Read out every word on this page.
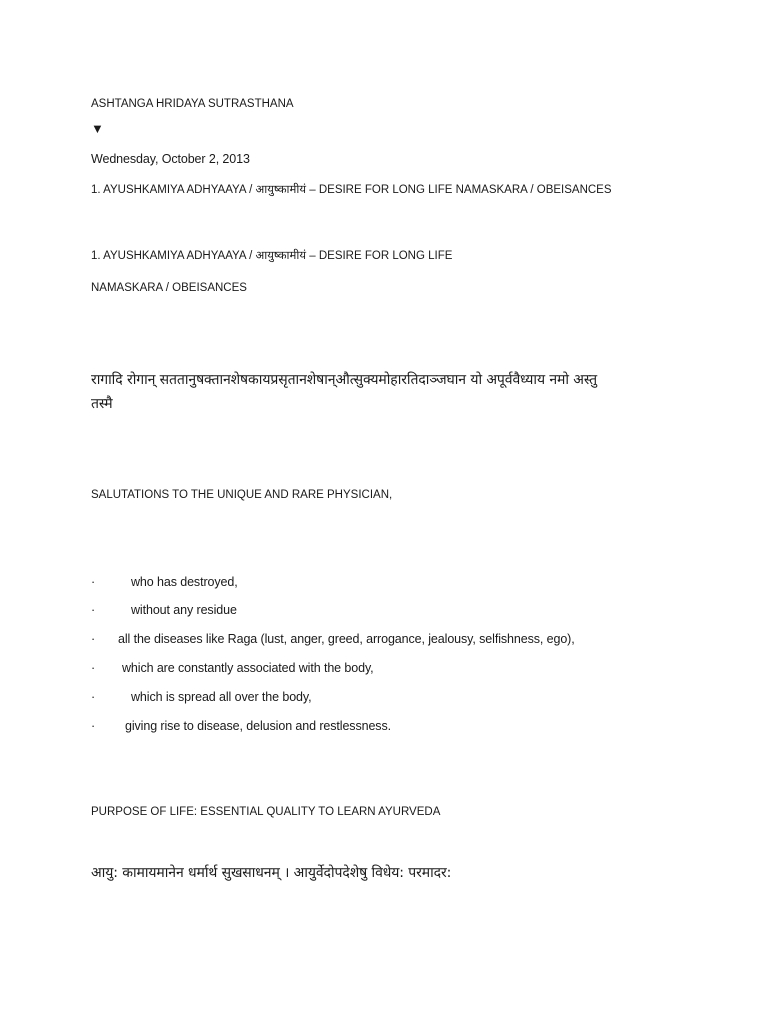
ASHTANGA HRIDAYA SUTRASTHANA
▼
Wednesday, October 2, 2013
1. AYUSHKAMIYA ADHYAAYA / आयुष्कामीयं – DESIRE FOR LONG LIFE NAMASKARA / OBEISANCES
1. AYUSHKAMIYA ADHYAAYA / आयुष्कामीयं – DESIRE FOR LONG LIFE
NAMASKARA / OBEISANCES
रागादि रोगान् सततानुषक्तानशेषकायप्रसृतानशेषान्औत्सुक्यमोहारतिदाञ्जघान यो अपूर्ववैध्याय नमो अस्तु
तस्मै
SALUTATIONS TO THE UNIQUE AND RARE PHYSICIAN,
·	who has destroyed,
·	without any residue
· all the diseases like Raga (lust, anger, greed, arrogance, jealousy, selfishness, ego),
· which are constantly associated with the body,
·	which is spread all over the body,
· giving rise to disease, delusion and restlessness.
PURPOSE OF LIFE: ESSENTIAL QUALITY TO LEARN AYURVEDA
आयु: कामायमानेन धर्मार्थ सुखसाधनम् । आयुर्वेदोपदेशेषु विधेय: परमादर:
